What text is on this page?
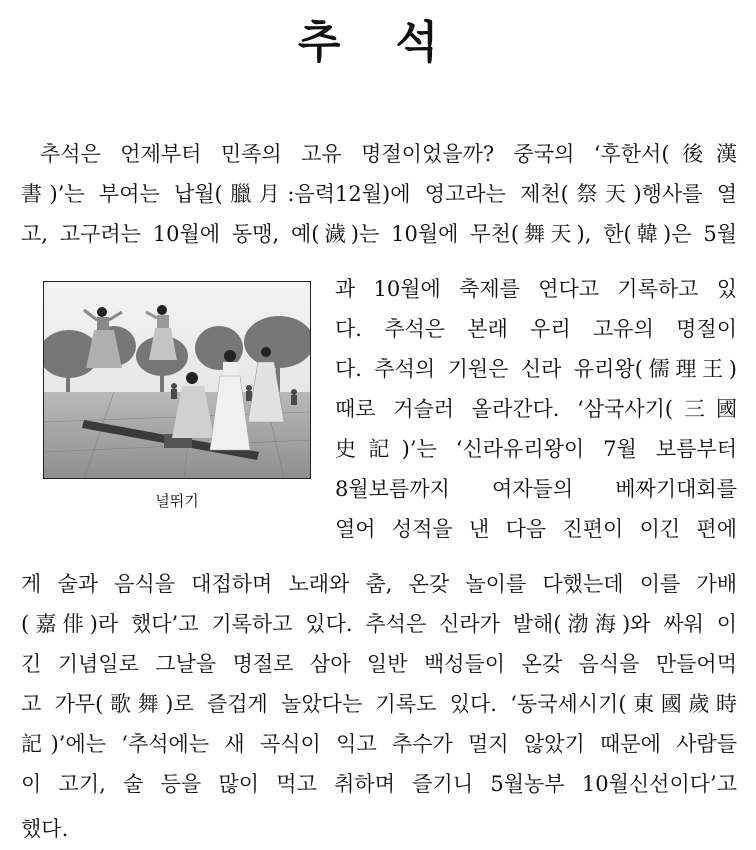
추 석

추석은 언제부터 민족의 고유 명절이었을까? 중국의 ‘후한서(後漢

書)’는 부여는 납월(臘月:음력12월)에 영고라는 제천(祭天)행사를 열

고, 고구려는 10월에 동맹, 예(濊)는 10월에 무천(舞天), 한(韓)은 5월

과 10월에 축제를 연다고 기록하고 있

다. 추석은 본래 우리 고유의 명절이

다. 추석의 기원은 신라 유리왕(儒理王)

때로 거슬러 올라간다. ‘삼국사기(三國

史記)’는 ‘신라유리왕이 7월 보름부터

8월보름까지 여자들의 베짜기대회를

열어 성적을 낸 다음 진편이 이긴 편에

게 술과 음식을 대접하며 노래와 춤, 온갖 놀이를 다했는데 이를 가배

(嘉俳)라 했다’고 기록하고 있다. 추석은 신라가 발해(渤海)와 싸워 이

긴 기념일로 그날을 명절로 삼아 일반 백성들이 온갖 음식을 만들어먹

고 가무(歌舞)로 즐겁게 놀았다는 기록도 있다. ‘동국세시기(東國歲時

記)’에는 ‘추석에는 새 곡식이 익고 추수가 멀지 않았기 때문에 사람들

이 고기, 술 등을 많이 먹고 취하며 즐기니 5월농부 10월신선이다’고

했다.

널뛰기
